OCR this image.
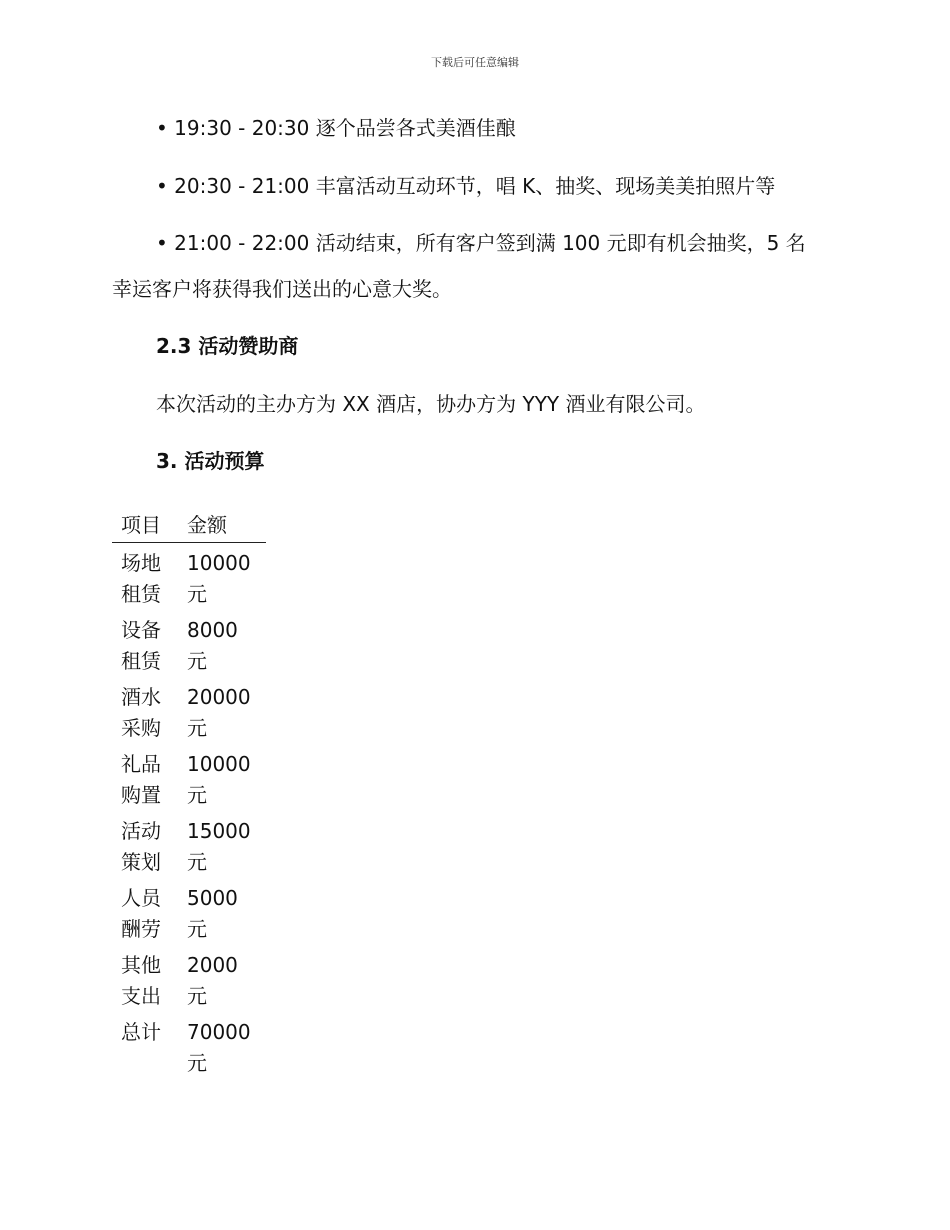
下载后可任意编辑
• 19:30 - 20:30 逐个品尝各式美酒佳酿
• 20:30 - 21:00 丰富活动互动环节，唱 K、抽奖、现场美美拍照片等
• 21:00 - 22:00 活动结束，所有客户签到满 100 元即有机会抽奖，5 名幸运客户将获得我们送出的心意大奖。
2.3 活动赞助商
本次活动的主办方为 XX 酒店，协办方为 YYY 酒业有限公司。
3. 活动预算
项目	金额
场地租赁	10000 元
设备租赁	8000 元
酒水采购	20000 元
礼品购置	10000 元
活动策划	15000 元
人员酬劳	5000 元
其他支出	2000 元
总计	70000 元
